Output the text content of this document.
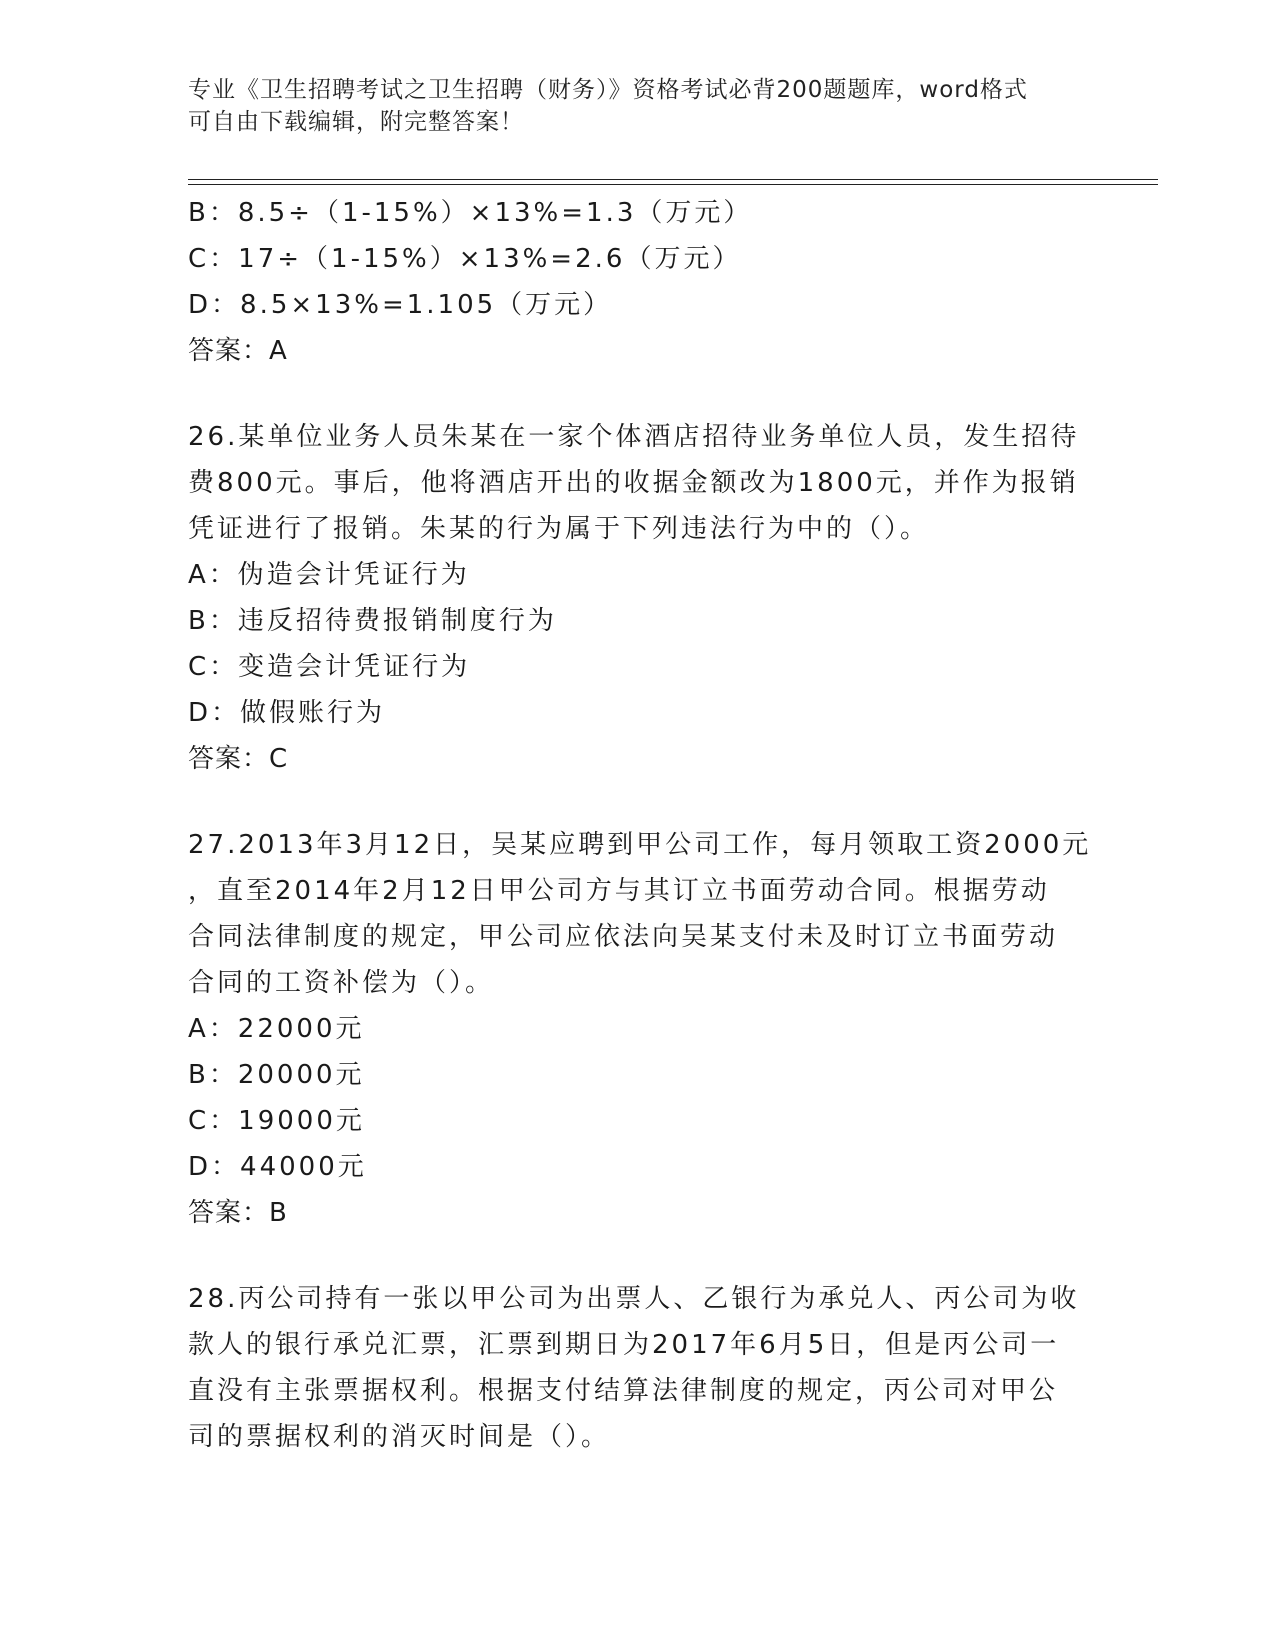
专业《卫生招聘考试之卫生招聘（财务）》资格考试必背200题题库，word格式
可自由下载编辑，附完整答案！
B：8.5÷（1-15%）×13%=1.3（万元）
C：17÷（1-15%）×13%=2.6（万元）
D：8.5×13%=1.105（万元）
答案：A
26.某单位业务人员朱某在一家个体酒店招待业务单位人员，发生招待
费800元。事后，他将酒店开出的收据金额改为1800元，并作为报销
凭证进行了报销。朱某的行为属于下列违法行为中的（）。
A：伪造会计凭证行为
B：违反招待费报销制度行为
C：变造会计凭证行为
D：做假账行为
答案：C
27.2013年3月12日，吴某应聘到甲公司工作，每月领取工资2000元
，直至2014年2月12日甲公司方与其订立书面劳动合同。根据劳动
合同法律制度的规定，甲公司应依法向吴某支付未及时订立书面劳动
合同的工资补偿为（）。
A：22000元
B：20000元
C：19000元
D：44000元
答案：B
28.丙公司持有一张以甲公司为出票人、乙银行为承兑人、丙公司为收
款人的银行承兑汇票，汇票到期日为2017年6月5日，但是丙公司一
直没有主张票据权利。根据支付结算法律制度的规定，丙公司对甲公
司的票据权利的消灭时间是（）。
